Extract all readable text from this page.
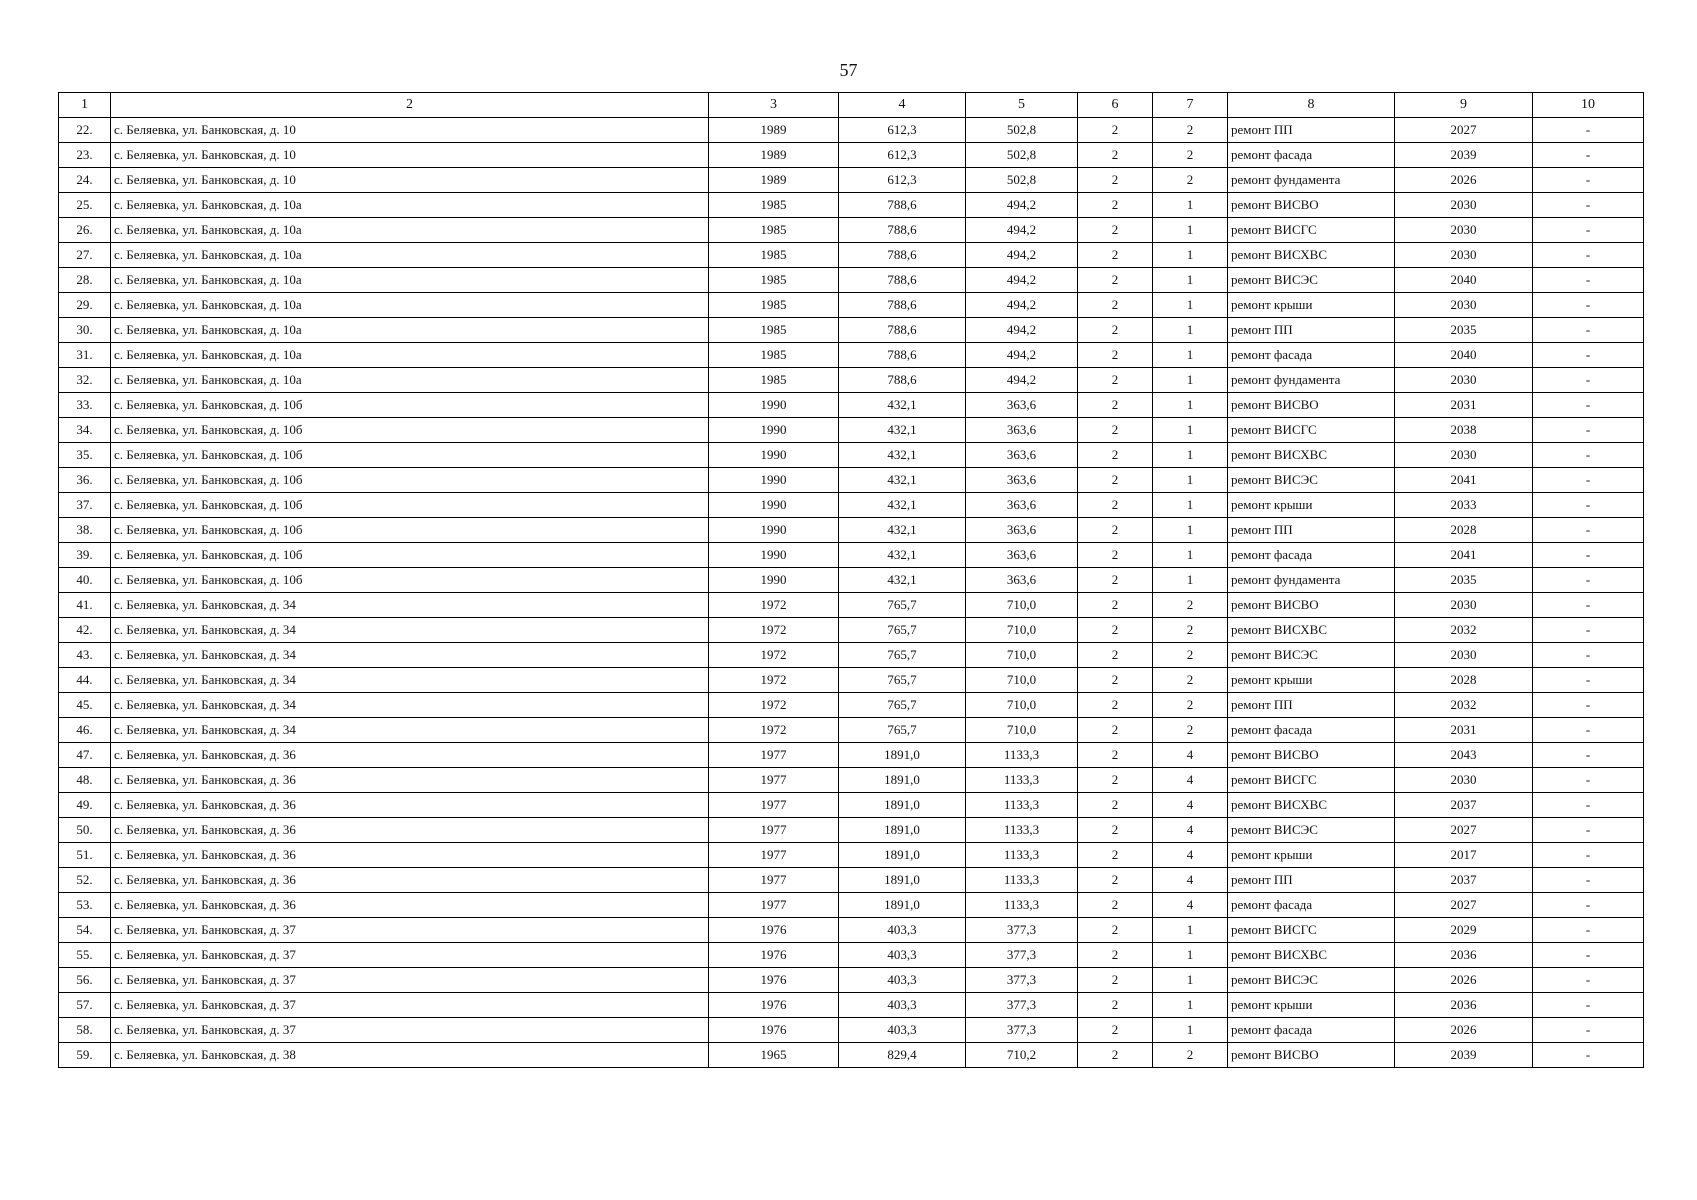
57
1	2	3	4	5	6	7	8	9	10
22.	с. Беляевка, ул. Банковская, д. 10	1989	612,3	502,8	2	2	ремонт ПП	2027	-
23.	с. Беляевка, ул. Банковская, д. 10	1989	612,3	502,8	2	2	ремонт фасада	2039	-
24.	с. Беляевка, ул. Банковская, д. 10	1989	612,3	502,8	2	2	ремонт фундамента	2026	-
25.	с. Беляевка, ул. Банковская, д. 10а	1985	788,6	494,2	2	1	ремонт ВИСВО	2030	-
26.	с. Беляевка, ул. Банковская, д. 10а	1985	788,6	494,2	2	1	ремонт ВИСГС	2030	-
27.	с. Беляевка, ул. Банковская, д. 10а	1985	788,6	494,2	2	1	ремонт ВИСХВС	2030	-
28.	с. Беляевка, ул. Банковская, д. 10а	1985	788,6	494,2	2	1	ремонт ВИСЭС	2040	-
29.	с. Беляевка, ул. Банковская, д. 10а	1985	788,6	494,2	2	1	ремонт крыши	2030	-
30.	с. Беляевка, ул. Банковская, д. 10а	1985	788,6	494,2	2	1	ремонт ПП	2035	-
31.	с. Беляевка, ул. Банковская, д. 10а	1985	788,6	494,2	2	1	ремонт фасада	2040	-
32.	с. Беляевка, ул. Банковская, д. 10а	1985	788,6	494,2	2	1	ремонт фундамента	2030	-
33.	с. Беляевка, ул. Банковская, д. 10б	1990	432,1	363,6	2	1	ремонт ВИСВО	2031	-
34.	с. Беляевка, ул. Банковская, д. 10б	1990	432,1	363,6	2	1	ремонт ВИСГС	2038	-
35.	с. Беляевка, ул. Банковская, д. 10б	1990	432,1	363,6	2	1	ремонт ВИСХВС	2030	-
36.	с. Беляевка, ул. Банковская, д. 10б	1990	432,1	363,6	2	1	ремонт ВИСЭС	2041	-
37.	с. Беляевка, ул. Банковская, д. 10б	1990	432,1	363,6	2	1	ремонт крыши	2033	-
38.	с. Беляевка, ул. Банковская, д. 10б	1990	432,1	363,6	2	1	ремонт ПП	2028	-
39.	с. Беляевка, ул. Банковская, д. 10б	1990	432,1	363,6	2	1	ремонт фасада	2041	-
40.	с. Беляевка, ул. Банковская, д. 10б	1990	432,1	363,6	2	1	ремонт фундамента	2035	-
41.	с. Беляевка, ул. Банковская, д. 34	1972	765,7	710,0	2	2	ремонт ВИСВО	2030	-
42.	с. Беляевка, ул. Банковская, д. 34	1972	765,7	710,0	2	2	ремонт ВИСХВС	2032	-
43.	с. Беляевка, ул. Банковская, д. 34	1972	765,7	710,0	2	2	ремонт ВИСЭС	2030	-
44.	с. Беляевка, ул. Банковская, д. 34	1972	765,7	710,0	2	2	ремонт крыши	2028	-
45.	с. Беляевка, ул. Банковская, д. 34	1972	765,7	710,0	2	2	ремонт ПП	2032	-
46.	с. Беляевка, ул. Банковская, д. 34	1972	765,7	710,0	2	2	ремонт фасада	2031	-
47.	с. Беляевка, ул. Банковская, д. 36	1977	1891,0	1133,3	2	4	ремонт ВИСВО	2043	-
48.	с. Беляевка, ул. Банковская, д. 36	1977	1891,0	1133,3	2	4	ремонт ВИСГС	2030	-
49.	с. Беляевка, ул. Банковская, д. 36	1977	1891,0	1133,3	2	4	ремонт ВИСХВС	2037	-
50.	с. Беляевка, ул. Банковская, д. 36	1977	1891,0	1133,3	2	4	ремонт ВИСЭС	2027	-
51.	с. Беляевка, ул. Банковская, д. 36	1977	1891,0	1133,3	2	4	ремонт крыши	2017	-
52.	с. Беляевка, ул. Банковская, д. 36	1977	1891,0	1133,3	2	4	ремонт ПП	2037	-
53.	с. Беляевка, ул. Банковская, д. 36	1977	1891,0	1133,3	2	4	ремонт фасада	2027	-
54.	с. Беляевка, ул. Банковская, д. 37	1976	403,3	377,3	2	1	ремонт ВИСГС	2029	-
55.	с. Беляевка, ул. Банковская, д. 37	1976	403,3	377,3	2	1	ремонт ВИСХВС	2036	-
56.	с. Беляевка, ул. Банковская, д. 37	1976	403,3	377,3	2	1	ремонт ВИСЭС	2026	-
57.	с. Беляевка, ул. Банковская, д. 37	1976	403,3	377,3	2	1	ремонт крыши	2036	-
58.	с. Беляевка, ул. Банковская, д. 37	1976	403,3	377,3	2	1	ремонт фасада	2026	-
59.	с. Беляевка, ул. Банковская, д. 38	1965	829,4	710,2	2	2	ремонт ВИСВО	2039	-
